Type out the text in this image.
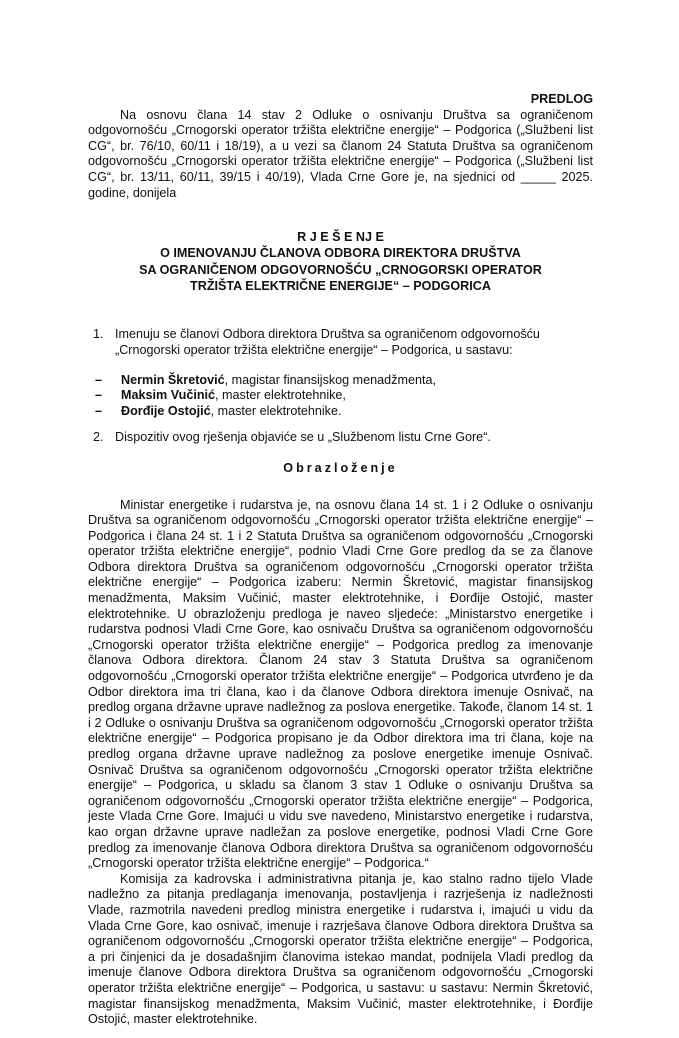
PREDLOG

Na osnovu člana 14 stav 2 Odluke o osnivanju Društva sa ograničenom odgovornošću „Crnogorski operator tržišta električne energije“ – Podgorica („Službeni list CG“, br. 76/10, 60/11 i 18/19), a u vezi sa članom 24 Statuta Društva sa ograničenom odgovornošću „Crnogorski operator tržišta električne energije“ – Podgorica („Službeni list CG“, br. 13/11, 60/11, 39/15 i 40/19), Vlada Crne Gore je, na sjednici od _____ 2025. godine, donijela

R J E Š E NJ E

O IMENOVANJU ČLANOVA ODBORA DIREKTORA DRUŠTVA

SA OGRANIČENOM ODGOVORNOŠĆU „CRNOGORSKI OPERATOR

TRŽIŠTA ELEKTRIČNE ENERGIJE“ – PODGORICA

1. Imenuju se članovi Odbora direktora Društva sa ograničenom odgovornošću „Crnogorski operator tržišta električne energije“ – Podgorica, u sastavu:

–	Nermin Škretović, magistar finansijskog menadžmenta,
–	Maksim Vučinić, master elektrotehnike,
–	Đorđije Ostojić, master elektrotehnike.
2. Dispozitiv ovog rješenja objaviće se u „Službenom listu Crne Gore“.

Obrazloženje

Ministar energetike i rudarstva je, na osnovu člana 14 st. 1 i 2 Odluke o osnivanju Društva sa ograničenom odgovornošću „Crnogorski operator tržišta električne energije“ – Podgorica i člana 24 st. 1 i 2 Statuta Društva sa ograničenom odgovornošću „Crnogorski operator tržišta električne energije“, podnio Vladi Crne Gore predlog da se za članove Odbora direktora Društva sa ograničenom odgovornošću „Crnogorski operator tržišta električne energije“ – Podgorica izaberu: Nermin Škretović, magistar finansijskog menadžmenta, Maksim Vučinić, master elektrotehnike, i Đorđije Ostojić, master elektrotehnike. U obrazloženju predloga je naveo sljedeće: „Ministarstvo energetike i rudarstva podnosi Vladi Crne Gore, kao osnivaču Društva sa ograničenom odgovornošću „Crnogorski operator tržišta električne energije“ – Podgorica predlog za imenovanje članova Odbora direktora. Članom 24 stav 3 Statuta Društva sa ograničenom odgovornošću „Crnogorski operator tržišta električne energije“ – Podgorica utvrđeno je da Odbor direktora ima tri člana, kao i da članove Odbora direktora imenuje Osnivač, na predlog organa državne uprave nadležnog za poslova energetike. Takođe, članom 14 st. 1 i 2 Odluke o osnivanju Društva sa ograničenom odgovornošću „Crnogorski operator tržišta električne energije“ – Podgorica propisano je da Odbor direktora ima tri člana, koje na predlog organa državne uprave nadležnog za poslove energetike imenuje Osnivač. Osnivač Društva sa ograničenom odgovornošću „Crnogorski operator tržišta električne energije“ – Podgorica, u skladu sa članom 3 stav 1 Odluke o osnivanju Društva sa ograničenom odgovornošću „Crnogorski operator tržišta električne energije“ – Podgorica, jeste Vlada Crne Gore. Imajući u vidu sve navedeno, Ministarstvo energetike i rudarstva, kao organ državne uprave nadležan za poslove energetike, podnosi Vladi Crne Gore predlog za imenovanje članova Odbora direktora Društva sa ograničenom odgovornošću „Crnogorski operator tržišta električne energije“ – Podgorica.“

Komisija za kadrovska i administrativna pitanja je, kao stalno radno tijelo Vlade nadležno za pitanja predlaganja imenovanja, postavljenja i razrješenja iz nadležnosti Vlade, razmotrila navedeni predlog ministra energetike i rudarstva i, imajući u vidu da Vlada Crne Gore, kao osnivač, imenuje i razrješava članove Odbora direktora Društva sa ograničenom odgovornošću „Crnogorski operator tržišta električne energije“ – Podgorica, a pri činjenici da je dosadašnjim članovima istekao mandat, podnijela Vladi predlog da imenuje članove Odbora direktora Društva sa ograničenom odgovornošću „Crnogorski operator tržišta električne energije“ – Podgorica, u sastavu: u sastavu: Nermin Škretović, magistar finansijskog menadžmenta, Maksim Vučinić, master elektrotehnike, i Đorđije Ostojić, master elektrotehnike.
